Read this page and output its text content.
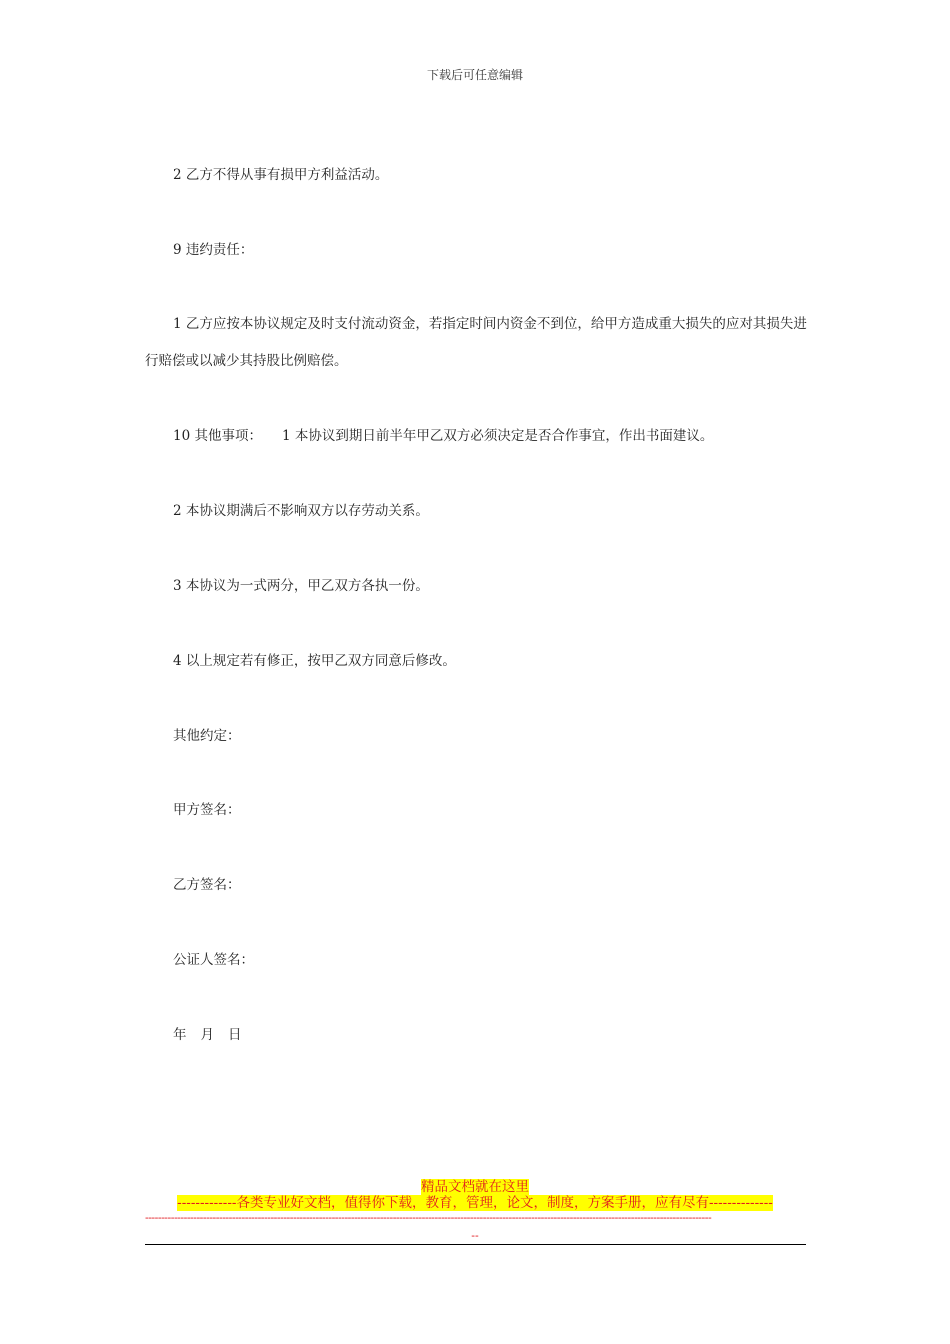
下载后可任意编辑
2 乙方不得从事有损甲方利益活动。
9 违约责任：
1 乙方应按本协议规定及时支付流动资金，若指定时间内资金不到位，给甲方造成重大损失的应对其损失进行赔偿或以减少其持股比例赔偿。
10 其他事项： 1 本协议到期日前半年甲乙双方必须决定是否合作事宜，作出书面建议。
2 本协议期满后不影响双方以存劳动关系。
3 本协议为一式两分，甲乙双方各执一份。
4 以上规定若有修正，按甲乙双方同意后修改。
其他约定：
甲方签名：
乙方签名：
公证人签名：
年 月 日
精品文档就在这里
-------------各类专业好文档，值得你下载，教育，管理，论文，制度，方案手册，应有尽有--------------
--------------------------------------------------------------------------------------------------------------------------------------------------------------------------------
--
